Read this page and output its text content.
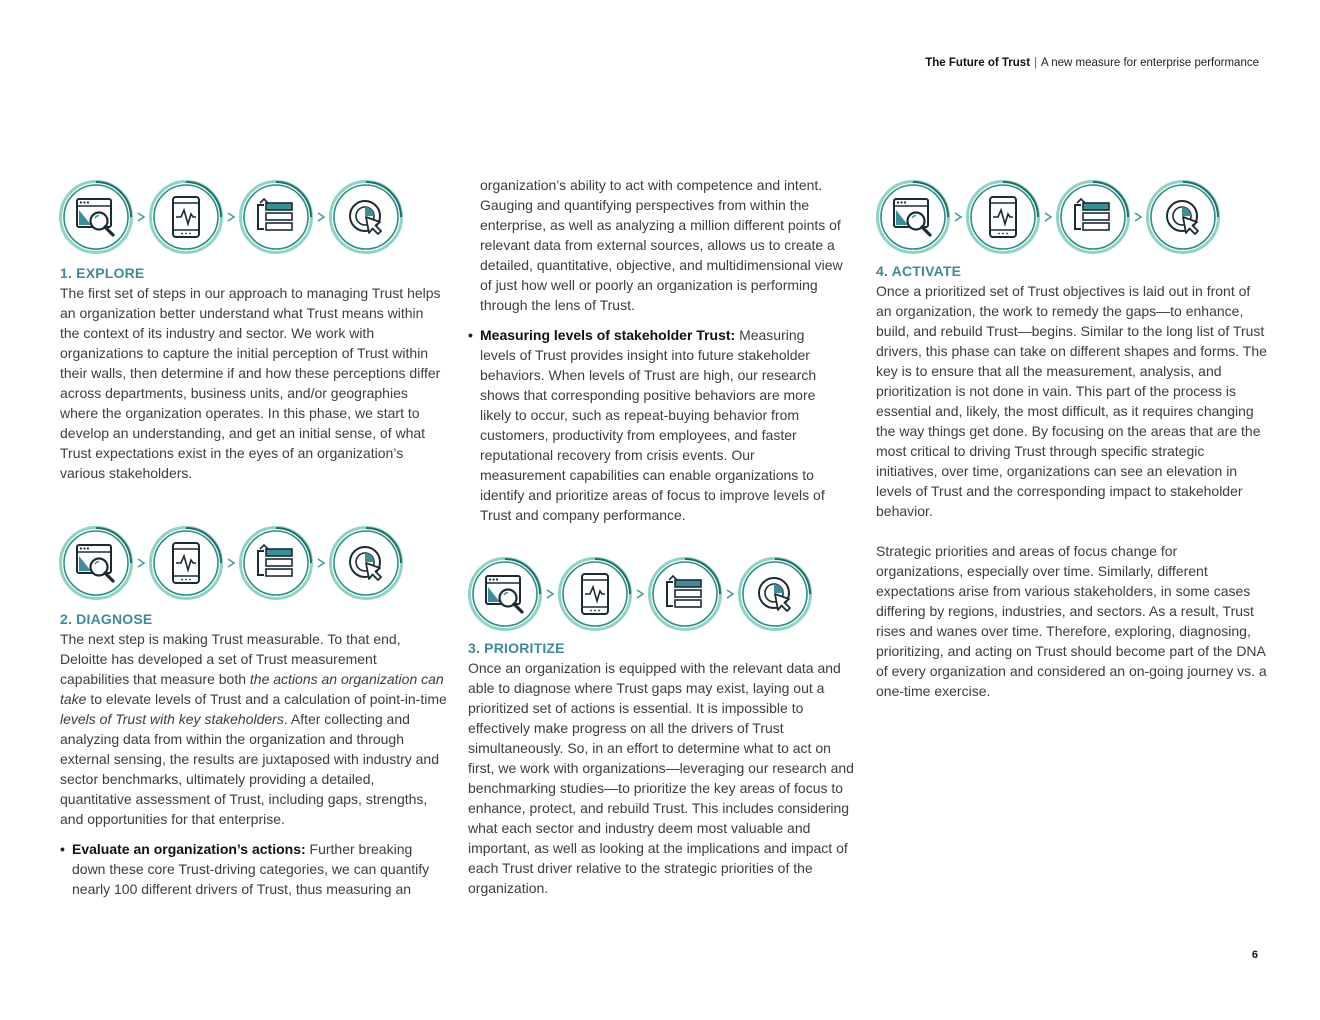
The Future of Trust | A new measure for enterprise performance
1. EXPLORE
The first set of steps in our approach to managing Trust helps an organization better understand what Trust means within the context of its industry and sector. We work with organizations to capture the initial perception of Trust within their walls, then determine if and how these perceptions differ across departments, business units, and/or geographies where the organization operates. In this phase, we start to develop an understanding, and get an initial sense, of what Trust expectations exist in the eyes of an organization’s various stakeholders.
2. DIAGNOSE
The next step is making Trust measurable. To that end, Deloitte has developed a set of Trust measurement capabilities that measure both the actions an organization can take to elevate levels of Trust and a calculation of point-in-time levels of Trust with key stakeholders. After collecting and analyzing data from within the organization and through external sensing, the results are juxtaposed with industry and sector benchmarks, ultimately providing a detailed, quantitative assessment of Trust, including gaps, strengths, and opportunities for that enterprise.
• Evaluate an organization’s actions: Further breaking down these core Trust-driving categories, we can quantify nearly 100 different drivers of Trust, thus measuring an
organization’s ability to act with competence and intent. Gauging and quantifying perspectives from within the enterprise, as well as analyzing a million different points of relevant data from external sources, allows us to create a detailed, quantitative, objective, and multidimensional view of just how well or poorly an organization is performing through the lens of Trust.
• Measuring levels of stakeholder Trust: Measuring levels of Trust provides insight into future stakeholder behaviors. When levels of Trust are high, our research shows that corresponding positive behaviors are more likely to occur, such as repeat-buying behavior from customers, productivity from employees, and faster reputational recovery from crisis events. Our measurement capabilities can enable organizations to identify and prioritize areas of focus to improve levels of Trust and company performance.
3. PRIORITIZE
Once an organization is equipped with the relevant data and able to diagnose where Trust gaps may exist, laying out a prioritized set of actions is essential. It is impossible to effectively make progress on all the drivers of Trust simultaneously. So, in an effort to determine what to act on first, we work with organizations—leveraging our research and benchmarking studies—to prioritize the key areas of focus to enhance, protect, and rebuild Trust. This includes considering what each sector and industry deem most valuable and important, as well as looking at the implications and impact of each Trust driver relative to the strategic priorities of the organization.
4. ACTIVATE
Once a prioritized set of Trust objectives is laid out in front of an organization, the work to remedy the gaps—to enhance, build, and rebuild Trust—begins. Similar to the long list of Trust drivers, this phase can take on different shapes and forms. The key is to ensure that all the measurement, analysis, and prioritization is not done in vain. This part of the process is essential and, likely, the most difficult, as it requires changing the way things get done. By focusing on the areas that are the most critical to driving Trust through specific strategic initiatives, over time, organizations can see an elevation in levels of Trust and the corresponding impact to stakeholder behavior.
Strategic priorities and areas of focus change for organizations, especially over time. Similarly, different expectations arise from various stakeholders, in some cases differing by regions, industries, and sectors. As a result, Trust rises and wanes over time. Therefore, exploring, diagnosing, prioritizing, and acting on Trust should become part of the DNA of every organization and considered an on-going journey vs. a one-time exercise.
6
